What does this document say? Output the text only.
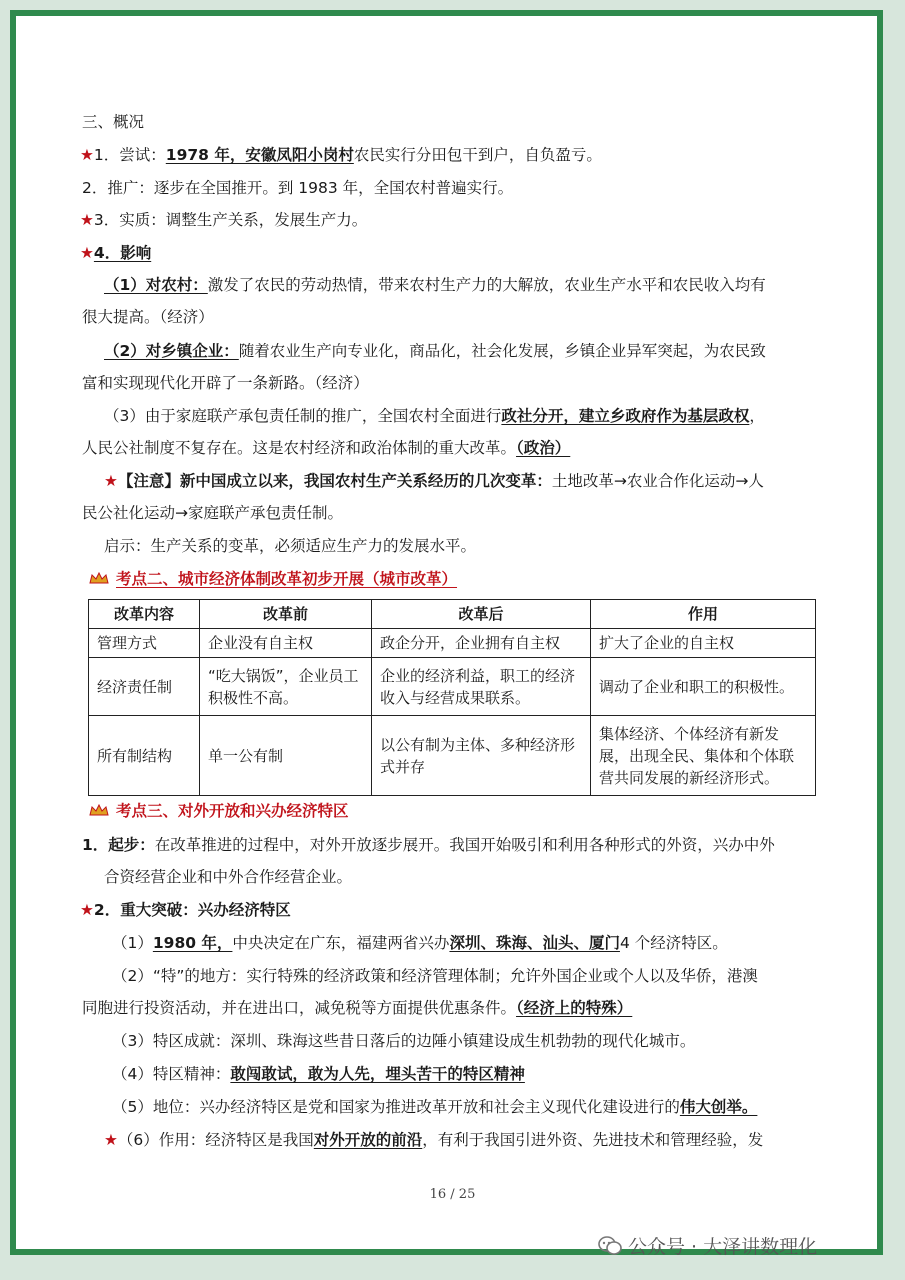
三、概况
★1．尝试：1978 年，安徽凤阳小岗村农民实行分田包干到户，自负盈亏。
2．推广：逐步在全国推开。到 1983 年，全国农村普遍实行。
★3．实质：调整生产关系，发展生产力。
★4．影响
（1）对农村：激发了农民的劳动热情，带来农村生产力的大解放，农业生产水平和农民收入均有
很大提高。（经济）
（2）对乡镇企业：随着农业生产向专业化，商品化，社会化发展，乡镇企业异军突起，为农民致
富和实现现代化开辟了一条新路。（经济）
（3）由于家庭联产承包责任制的推广，全国农村全面进行政社分开，建立乡政府作为基层政权，
人民公社制度不复存在。这是农村经济和政治体制的重大改革。（政治）
★【注意】新中国成立以来，我国农村生产关系经历的几次变革：土地改革→农业合作化运动→人
民公社化运动→家庭联产承包责任制。
启示：生产关系的变革，必须适应生产力的发展水平。
考点二、城市经济体制改革初步开展（城市改革）
改革内容	改革前	改革后	作用
管理方式	企业没有自主权	政企分开，企业拥有自主权	扩大了企业的自主权
经济责任制	“吃大锅饭”，企业员工积极性不高。	企业的经济利益，职工的经济收入与经营成果联系。	调动了企业和职工的积极性。
所有制结构	单一公有制	以公有制为主体、多种经济形式并存	集体经济、个体经济有新发展，出现全民、集体和个体联营共同发展的新经济形式。
考点三、对外开放和兴办经济特区
1．起步：在改革推进的过程中，对外开放逐步展开。我国开始吸引和利用各种形式的外资，兴办中外
合资经营企业和中外合作经营企业。
★2．重大突破：兴办经济特区
（1）1980 年，中央决定在广东，福建两省兴办深圳、珠海、汕头、厦门4 个经济特区。
（2）“特”的地方：实行特殊的经济政策和经济管理体制；允许外国企业或个人以及华侨，港澳
同胞进行投资活动，并在进出口，减免税等方面提供优惠条件。（经济上的特殊）
（3）特区成就：深圳、珠海这些昔日落后的边陲小镇建设成生机勃勃的现代化城市。
（4）特区精神：敢闯敢试，敢为人先，埋头苦干的特区精神
（5）地位：兴办经济特区是党和国家为推进改革开放和社会主义现代化建设进行的伟大创举。
★（6）作用：经济特区是我国对外开放的前沿，有利于我国引进外资、先进技术和管理经验，发
16 / 25
公众号 · 大泽讲数理化
